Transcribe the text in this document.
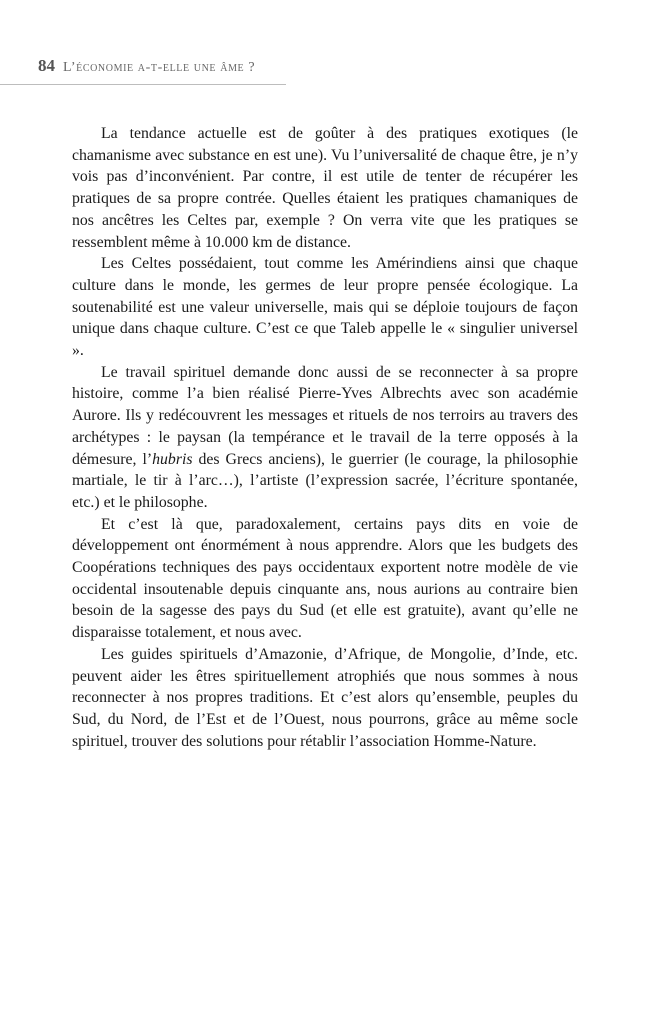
84 L’économie a-t-elle une âme ?

La tendance actuelle est de goûter à des pratiques exotiques (le chamanisme avec substance en est une). Vu l’universalité de chaque être, je n’y vois pas d’inconvénient. Par contre, il est utile de tenter de récupérer les pratiques de sa propre contrée. Quelles étaient les pratiques chamaniques de nos ancêtres les Celtes par, exemple ? On verra vite que les pratiques se ressemblent même à 10.000 km de distance.

Les Celtes possédaient, tout comme les Amérindiens ainsi que chaque culture dans le monde, les germes de leur propre pensée écologique. La soutenabilité est une valeur universelle, mais qui se déploie toujours de façon unique dans chaque culture. C’est ce que Taleb appelle le « singulier universel ».

Le travail spirituel demande donc aussi de se reconnecter à sa propre histoire, comme l’a bien réalisé Pierre-Yves Albrechts avec son académie Aurore. Ils y redécouvrent les messages et rituels de nos terroirs au travers des archétypes : le paysan (la tempérance et le travail de la terre opposés à la démesure, l’hubris des Grecs anciens), le guerrier (le courage, la philosophie martiale, le tir à l’arc…), l’artiste (l’expression sacrée, l’écriture spontanée, etc.) et le philosophe.

Et c’est là que, paradoxalement, certains pays dits en voie de développement ont énormément à nous apprendre. Alors que les budgets des Coopérations techniques des pays occidentaux exportent notre modèle de vie occidental insoutenable depuis cinquante ans, nous aurions au contraire bien besoin de la sagesse des pays du Sud (et elle est gratuite), avant qu’elle ne disparaisse totalement, et nous avec.

Les guides spirituels d’Amazonie, d’Afrique, de Mongolie, d’Inde, etc. peuvent aider les êtres spirituellement atrophiés que nous sommes à nous reconnecter à nos propres traditions. Et c’est alors qu’ensemble, peuples du Sud, du Nord, de l’Est et de l’Ouest, nous pourrons, grâce au même socle spirituel, trouver des solutions pour rétablir l’association Homme-Nature.
